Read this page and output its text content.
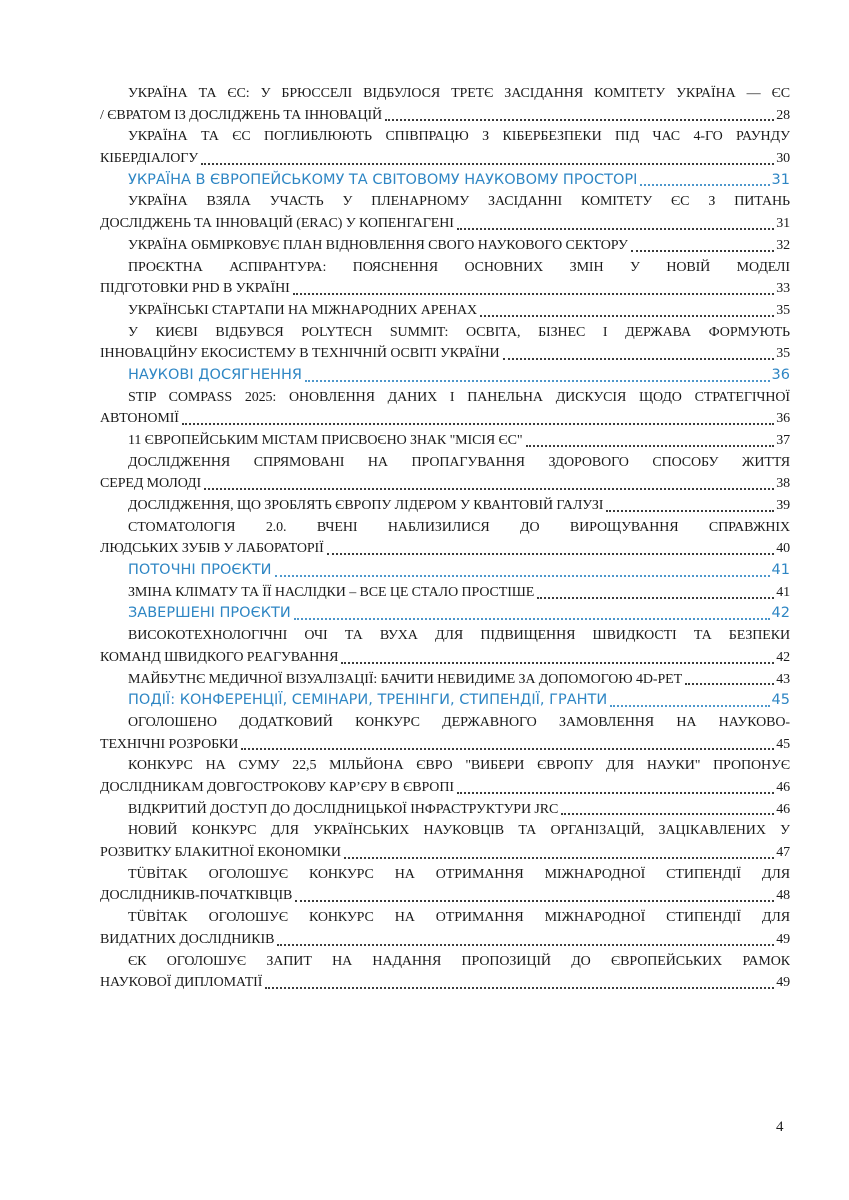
УКРАЇНА ТА ЄС: У БРЮССЕЛІ ВІДБУЛОСЯ ТРЕТЄ ЗАСІДАННЯ КОМІТЕТУ УКРАЇНА — ЄС
/ ЄВРАТОМ ІЗ ДОСЛІДЖЕНЬ ТА ІННОВАЦІЙ	28
УКРАЇНА ТА ЄС ПОГЛИБЛЮЮТЬ СПІВПРАЦЮ З КІБЕРБЕЗПЕКИ ПІД ЧАС 4-ГО РАУНДУ
КІБЕРДІАЛОГУ	30
УКРАЇНА В ЄВРОПЕЙСЬКОМУ ТА СВІТОВОМУ НАУКОВОМУ ПРОСТОРІ	31
УКРАЇНА ВЗЯЛА УЧАСТЬ У ПЛЕНАРНОМУ ЗАСІДАННІ КОМІТЕТУ ЄС З ПИТАНЬ
ДОСЛІДЖЕНЬ ТА ІННОВАЦІЙ (ERAC) У КОПЕНГАГЕНІ	31
УКРАЇНА ОБМІРКОВУЄ ПЛАН ВІДНОВЛЕННЯ СВОГО НАУКОВОГО СЕКТОРУ	32
ПРОЄКТНА АСПІРАНТУРА: ПОЯСНЕННЯ ОСНОВНИХ ЗМІН У НОВІЙ МОДЕЛІ
ПІДГОТОВКИ PHD В УКРАЇНІ	33
УКРАЇНСЬКІ СТАРТАПИ НА МІЖНАРОДНИХ АРЕНАХ	35
У КИЄВІ ВІДБУВСЯ POLYTECH SUMMIT: ОСВІТА, БІЗНЕС І ДЕРЖАВА ФОРМУЮТЬ
ІННОВАЦІЙНУ ЕКОСИСТЕМУ В ТЕХНІЧНІЙ ОСВІТІ УКРАЇНИ	35
НАУКОВІ ДОСЯГНЕННЯ	36
STIP COMPASS 2025: ОНОВЛЕННЯ ДАНИХ І ПАНЕЛЬНА ДИСКУСІЯ ЩОДО СТРАТЕГІЧНОЇ
АВТОНОМІЇ	36
11 ЄВРОПЕЙСЬКИМ МІСТАМ ПРИСВОЄНО ЗНАК "МІСІЯ ЄС"	37
ДОСЛІДЖЕННЯ СПРЯМОВАНІ НА ПРОПАГУВАННЯ ЗДОРОВОГО СПОСОБУ ЖИТТЯ
СЕРЕД МОЛОДІ	38
ДОСЛІДЖЕННЯ, ЩО ЗРОБЛЯТЬ ЄВРОПУ ЛІДЕРОМ У КВАНТОВІЙ ГАЛУЗІ	39
СТОМАТОЛОГІЯ 2.0. ВЧЕНІ НАБЛИЗИЛИСЯ ДО ВИРОЩУВАННЯ СПРАВЖНІХ
ЛЮДСЬКИХ ЗУБІВ У ЛАБОРАТОРІЇ	40
ПОТОЧНІ ПРОЄКТИ	41
ЗМІНА КЛІМАТУ ТА ЇЇ НАСЛІДКИ – ВСЕ ЦЕ СТАЛО ПРОСТІШЕ	41
ЗАВЕРШЕНІ ПРОЄКТИ	42
ВИСОКОТЕХНОЛОГІЧНІ ОЧІ ТА ВУХА ДЛЯ ПІДВИЩЕННЯ ШВИДКОСТІ ТА БЕЗПЕКИ
КОМАНД ШВИДКОГО РЕАГУВАННЯ	42
МАЙБУТНЄ МЕДИЧНОЇ ВІЗУАЛІЗАЦІЇ: БАЧИТИ НЕВИДИМЕ ЗА ДОПОМОГОЮ 4D-PET	43
ПОДІЇ: КОНФЕРЕНЦІЇ, СЕМІНАРИ, ТРЕНІНГИ, СТИПЕНДІЇ, ГРАНТИ	45
ОГОЛОШЕНО ДОДАТКОВИЙ КОНКУРС ДЕРЖАВНОГО ЗАМОВЛЕННЯ НА НАУКОВО-
ТЕХНІЧНІ РОЗРОБКИ	45
КОНКУРС НА СУМУ 22,5 МІЛЬЙОНА ЄВРО "ВИБЕРИ ЄВРОПУ ДЛЯ НАУКИ" ПРОПОНУЄ
ДОСЛІДНИКАМ ДОВГОСТРОКОВУ КАР’ЄРУ В ЄВРОПІ	46
ВІДКРИТИЙ ДОСТУП ДО ДОСЛІДНИЦЬКОЇ ІНФРАСТРУКТУРИ JRC	46
НОВИЙ КОНКУРС ДЛЯ УКРАЇНСЬКИХ НАУКОВЦІВ ТА ОРГАНІЗАЦІЙ, ЗАЦІКАВЛЕНИХ У
РОЗВИТКУ БЛАКИТНОЇ ЕКОНОМІКИ	47
TÜBİTAK ОГОЛОШУЄ КОНКУРС НА ОТРИМАННЯ МІЖНАРОДНОЇ СТИПЕНДІЇ ДЛЯ
ДОСЛІДНИКІВ-ПОЧАТКІВЦІВ	48
TÜBİTAK ОГОЛОШУЄ КОНКУРС НА ОТРИМАННЯ МІЖНАРОДНОЇ СТИПЕНДІЇ ДЛЯ
ВИДАТНИХ ДОСЛІДНИКІВ	49
ЄК ОГОЛОШУЄ ЗАПИТ НА НАДАННЯ ПРОПОЗИЦІЙ ДО ЄВРОПЕЙСЬКИХ РАМОК
НАУКОВОЇ ДИПЛОМАТІЇ	49
4
